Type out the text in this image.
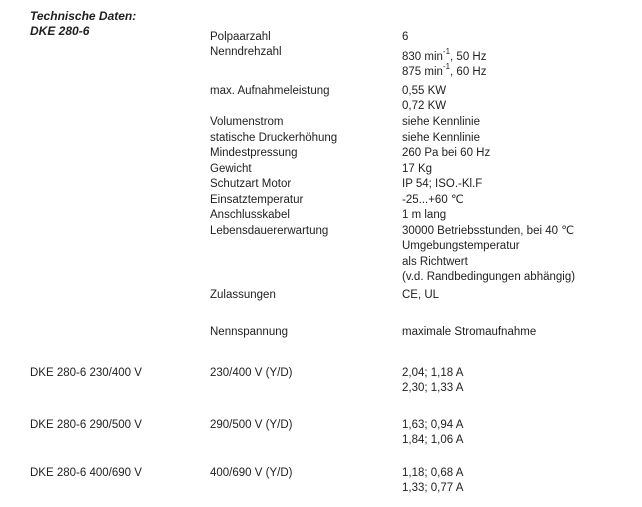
Technische Daten:
DKE 280-6	Polpaarzahl	6
Nenndrehzahl	830 $\min^{-1}$, 50 Hz
875 $\min^{-1}$, 60 Hz
max. Aufnahmeleistung	0,55 KW
0,72 KW
Volumenstrom	siehe Kennlinie
statische Druckerhöhung	siehe Kennlinie
Mindestpressung	260 Pa bei 60 Hz
Gewicht	17 Kg
Schutzart Motor	IP 54; ISO.-Kl.F
Einsatztemperatur	-25...+60 ℃
Anschlusskabel	1 m lang
Lebensdauererwartung	30000 Betriebsstunden, bei 40 ℃
Umgebungstemperatur
als Richtwert
(v.d. Randbedingungen abhängig)
Zulassungen	CE, UL
Nennspannung	maximale Stromaufnahme
DKE 280-6 230/400 V	230/400 V (Y/D)	2,04; 1,18 A
2,30; 1,33 A
DKE 280-6 290/500 V	290/500 V (Y/D)	1,63; 0,94 A
1,84; 1,06 A
DKE 280-6 400/690 V	400/690 V (Y/D)	1,18; 0,68 A
1,33; 0,77 A
